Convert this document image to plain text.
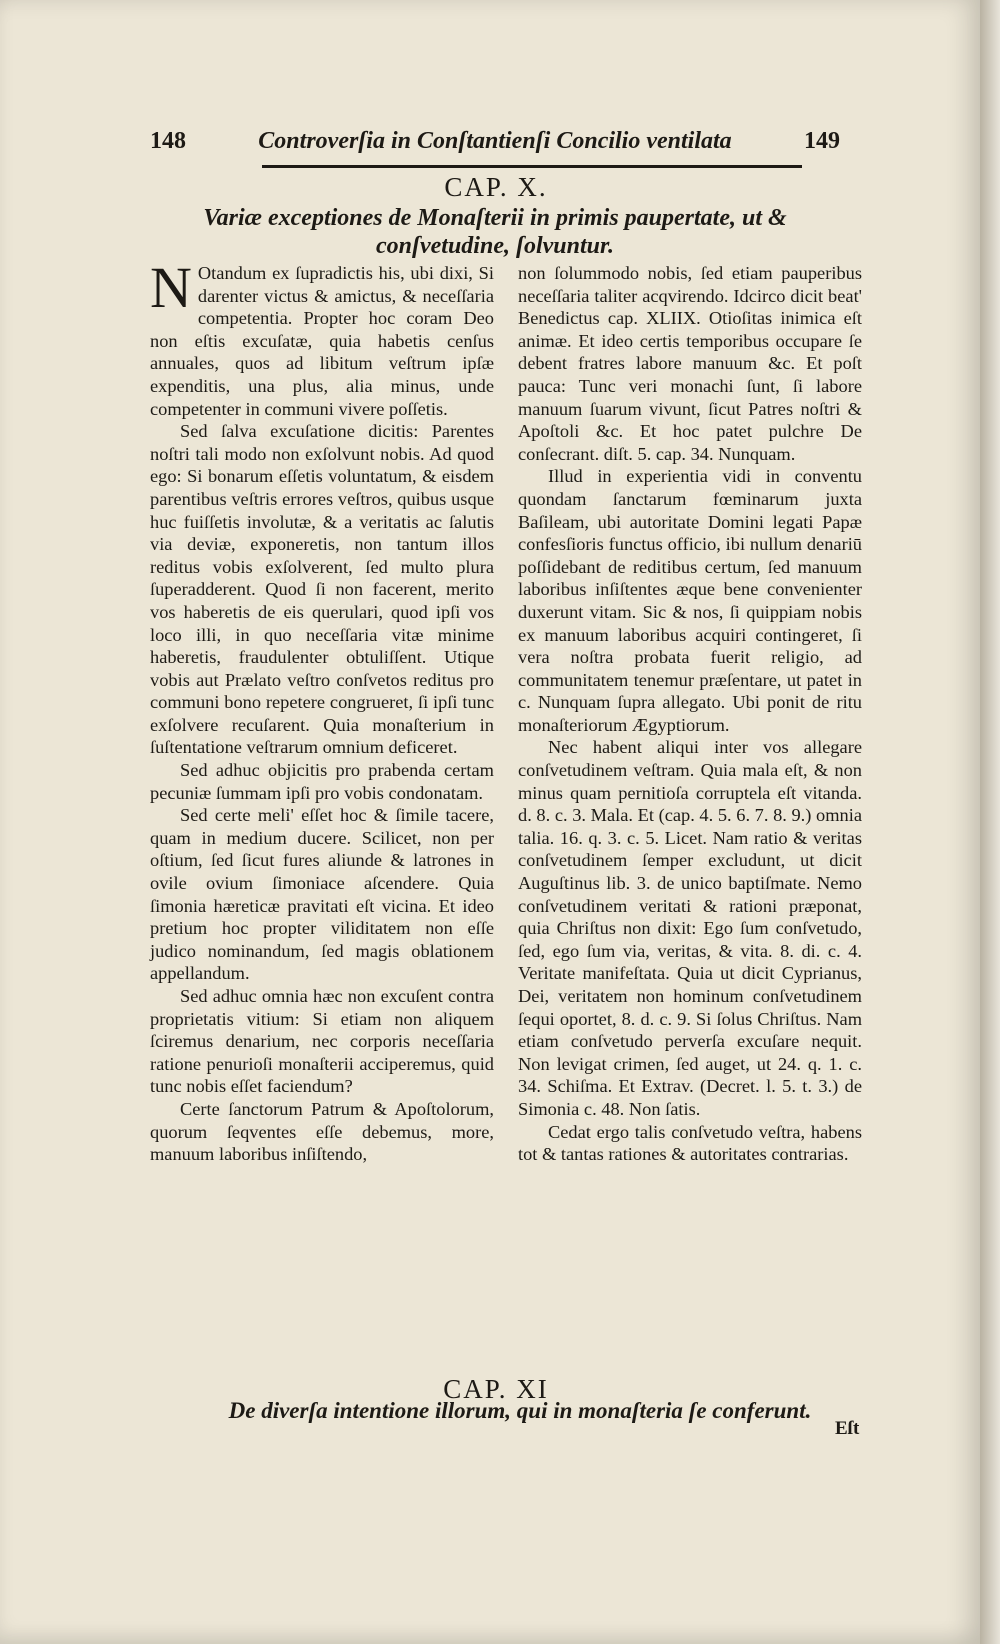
148	Controverſia in Conſtantienſi Concilio ventilata	149
CAP. X.
Variæ exceptiones de Monaſterii in primis paupertate, ut & conſvetudine, ſolvuntur.

N Otandum ex ſupradictis his, ubi dixi, Si darenter victus & amictus, & neceſſaria competentia. Propter hoc coram Deo non eſtis excuſatæ, quia habetis cenſus annuales, quos ad libitum veſtrum ipſæ expenditis, una plus, alia minus, unde competenter in communi vivere poſſetis.

Sed ſalva excuſatione dicitis: Parentes noſtri tali modo non exſolvunt nobis. Ad quod ego: Si bonarum eſſetis voluntatum, & eisdem parentibus veſtris errores veſtros, quibus usque huc fuiſſetis involutæ, & a veritatis ac ſalutis via deviæ, exponeretis, non tantum illos reditus vobis exſolverent, ſed multo plura ſuperadderent. Quod ſi non facerent, merito vos haberetis de eis querulari, quod ipſi vos loco illi, in quo neceſſaria vitæ minime haberetis, fraudulenter obtuliſſent. Utique vobis aut Prælato veſtro conſvetos reditus pro communi bono repetere congrueret, ſi ipſi tunc exſolvere recuſarent. Quia monaſterium in ſuſtentatione veſtrarum omnium deficeret.

Sed adhuc objicitis pro prabenda certam pecuniæ ſummam ipſi pro vobis condonatam.

Sed certe meli' eſſet hoc & ſimile tacere, quam in medium ducere. Scilicet, non per oſtium, ſed ſicut fures aliunde & latrones in ovile ovium ſimoniace aſcendere. Quia ſimonia hæreticæ pravitati eſt vicina. Et ideo pretium hoc propter viliditatem non eſſe judico nominandum, ſed magis oblationem appellandum.

Sed adhuc omnia hæc non excuſent contra proprietatis vitium: Si etiam non aliquem ſciremus denarium, nec corporis neceſſaria ratione penurioſi monaſterii acciperemus, quid tunc nobis eſſet faciendum?

Certe ſanctorum Patrum & Apoſtolorum, quorum ſeqventes eſſe debemus, more, manuum laboribus inſiſtendo,

non ſolummodo nobis, ſed etiam pauperibus neceſſaria taliter acqvirendo. Idcirco dicit beat' Benedictus cap. XLIIX. Otioſitas inimica eſt animæ. Et ideo certis temporibus occupare ſe debent fratres labore manuum &c. Et poſt pauca: Tunc veri monachi ſunt, ſi labore manuum ſuarum vivunt, ſicut Patres noſtri & Apoſtoli &c. Et hoc patet pulchre De conſecrant. diſt. 5. cap. 34. Nunquam.

Illud in experientia vidi in conventu quondam ſanctarum fœminarum juxta Baſileam, ubi autoritate Domini legati Papæ confesſioris functus officio, ibi nullum denariū poſſidebant de reditibus certum, ſed manuum laboribus inſiſtentes æque bene convenienter duxerunt vitam. Sic & nos, ſi quippiam nobis ex manuum laboribus acquiri contingeret, ſi vera noſtra probata fuerit religio, ad communitatem tenemur præſentare, ut patet in c. Nunquam ſupra allegato. Ubi ponit de ritu monaſteriorum Ægyptiorum.

Nec habent aliqui inter vos allegare conſvetudinem veſtram. Quia mala eſt, & non minus quam pernitioſa corruptela eſt vitanda. d. 8. c. 3. Mala. Et (cap. 4. 5. 6. 7. 8. 9.) omnia talia. 16. q. 3. c. 5. Licet. Nam ratio & veritas conſvetudinem ſemper excludunt, ut dicit Auguſtinus lib. 3. de unico baptiſmate. Nemo conſvetudinem veritati & rationi præponat, quia Chriſtus non dixit: Ego ſum conſvetudo, ſed, ego ſum via, veritas, & vita. 8. di. c. 4. Veritate manifeſtata. Quia ut dicit Cyprianus, Dei, veritatem non hominum conſvetudinem ſequi oportet, 8. d. c. 9. Si ſolus Chriſtus. Nam etiam conſvetudo perverſa excuſare nequit. Non levigat crimen, ſed auget, ut 24. q. 1. c. 34. Schiſma. Et Extrav. (Decret. l. 5. t. 3.) de Simonia c. 48. Non ſatis.

Cedat ergo talis conſvetudo veſtra, habens tot & tantas rationes & autoritates contrarias.

CAP. XI
De diverſa intentione illorum, qui in monaſteria ſe conferunt.
Eſt
